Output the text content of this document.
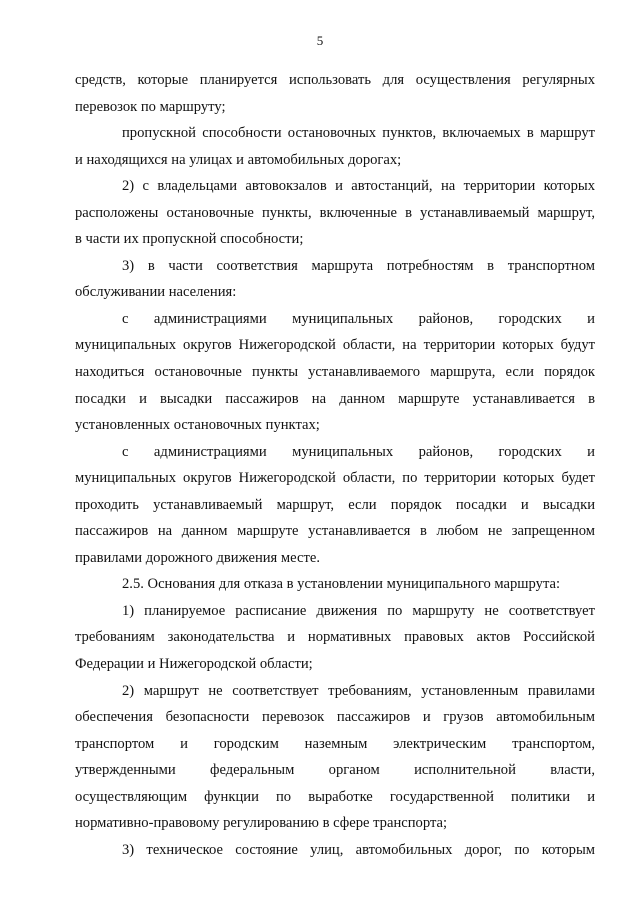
5
средств, которые планируется использовать для осуществления регулярных
перевозок по маршруту;
пропускной способности остановочных пунктов, включаемых в маршрут
и находящихся на улицах и автомобильных дорогах;
2) с владельцами автовокзалов и автостанций, на территории которых
расположены остановочные пункты, включенные в устанавливаемый маршрут,
в части их пропускной способности;
3) в части соответствия маршрута потребностям в транспортном
обслуживании населения:
с администрациями муниципальных районов, городских и
муниципальных округов Нижегородской области, на территории которых будут
находиться остановочные пункты устанавливаемого маршрута, если порядок
посадки и высадки пассажиров на данном маршруте устанавливается в
установленных остановочных пунктах;
с администрациями муниципальных районов, городских и
муниципальных округов Нижегородской области, по территории которых будет
проходить устанавливаемый маршрут, если порядок посадки и высадки
пассажиров на данном маршруте устанавливается в любом не запрещенном
правилами дорожного движения месте.
2.5. Основания для отказа в установлении муниципального маршрута:
1) планируемое расписание движения по маршруту не соответствует
требованиям законодательства и нормативных правовых актов Российской
Федерации и Нижегородской области;
2) маршрут не соответствует требованиям, установленным правилами
обеспечения безопасности перевозок пассажиров и грузов автомобильным
транспортом и городским наземным электрическим транспортом,
утвержденными федеральным органом исполнительной власти,
осуществляющим функции по выработке государственной политики и
нормативно-правовому регулированию в сфере транспорта;
3) техническое состояние улиц, автомобильных дорог, по которым
